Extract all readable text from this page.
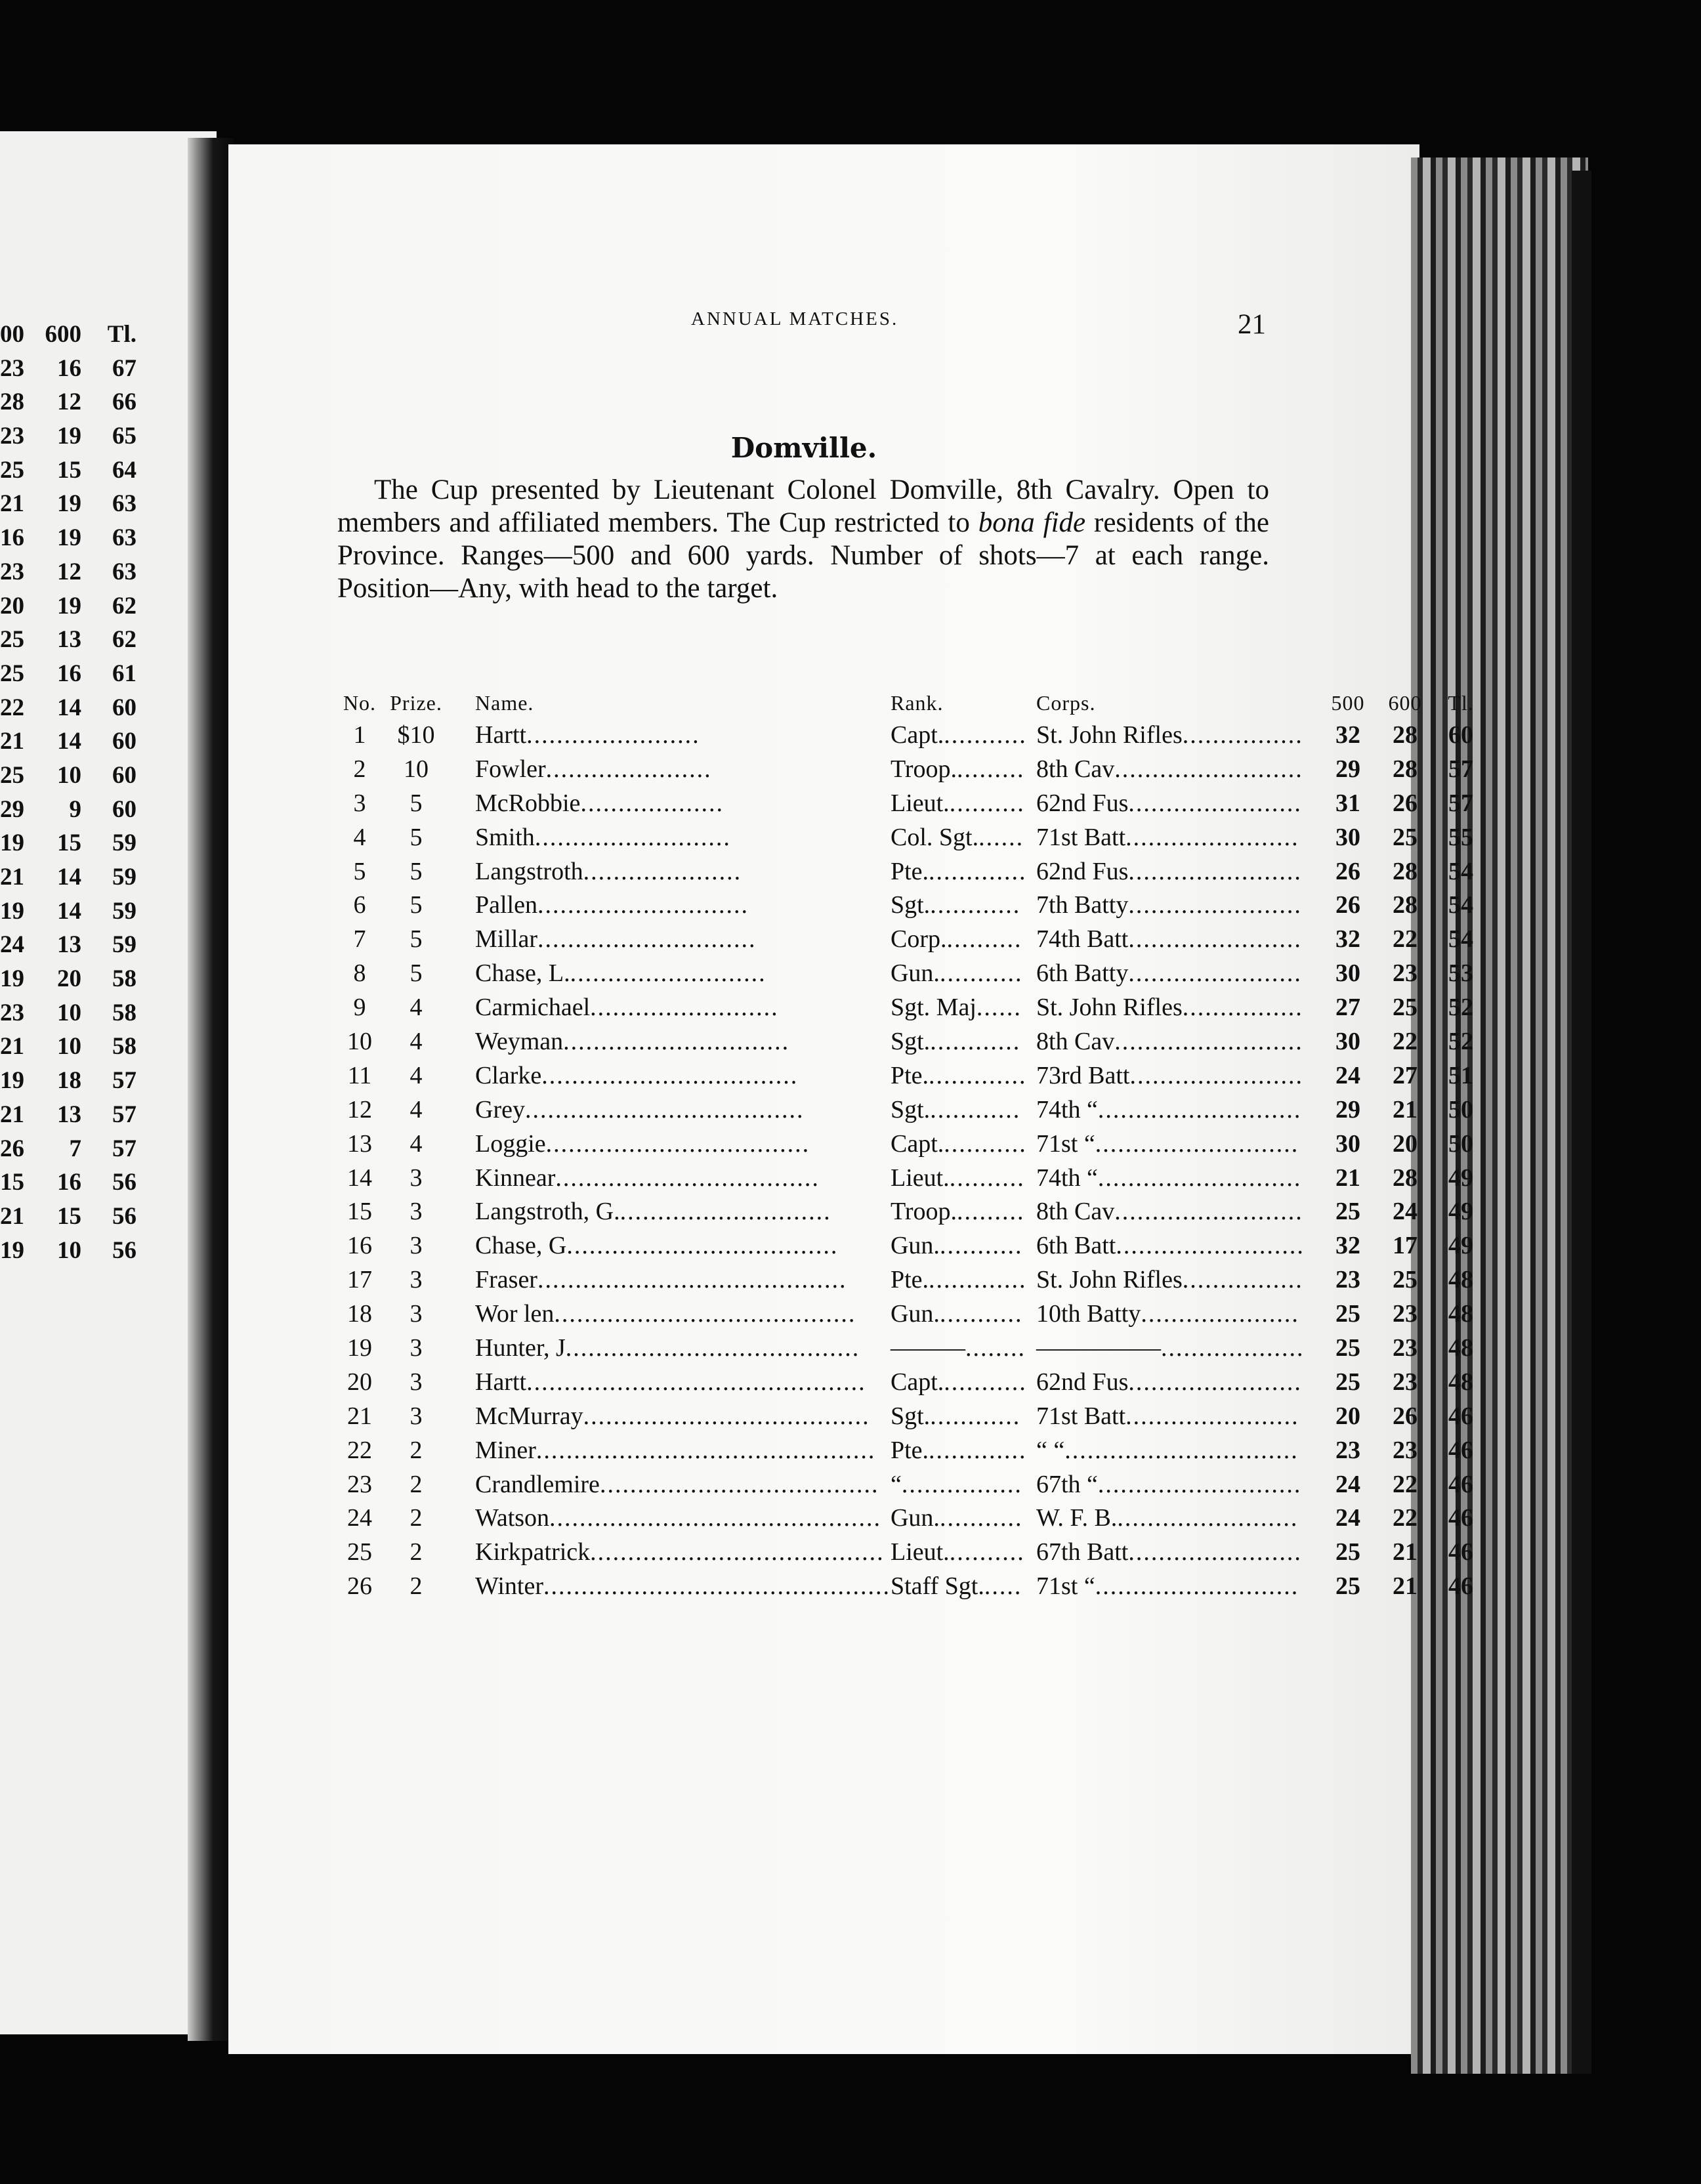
00 600 Tl.
23 16 67
28 12 66
23 19 65
25 15 64
21 19 63
16 19 63
23 12 63
20 19 62
25 13 62
25 16 61
22 14 60
21 14 60
25 10 60
29 9 60
19 15 59
21 14 59
19 14 59
24 13 59
19 20 58
23 10 58
21 10 58
19 18 57
21 13 57
26 7 57
15 16 56
21 15 56
19 10 56
ANNUAL MATCHES.	21
Domville.
The Cup presented by Lieutenant Colonel Domville, 8th Cavalry. Open to members and affiliated members. The Cup restricted to bona fide residents of the Province. Ranges—500 and 600 yards. Number of shots—7 at each range. Position—Any, with head to the target.
No.	Prize.	Name.	Rank.	Corps.	500	600	Tl.
1	$10	Hartt.......................	Capt............	St. John Rifles................	32	28	60
2	10	Fowler......................	Troop..........	8th Cav.........................	29	28	57
3	5	McRobbie...................	Lieut...........	62nd Fus.......................	31	26	57
4	5	Smith..........................	Col. Sgt.......	71st Batt.......................	30	25	55
5	5	Langstroth.....................	Pte..............	62nd Fus.......................	26	28	54
6	5	Pallen............................	Sgt.............	7th Batty.......................	26	28	54
7	5	Millar.............................	Corp...........	74th Batt.......................	32	22	54
8	5	Chase, L...........................	Gun............	6th Batty.......................	30	23	53
9	4	Carmichael.........................	Sgt. Maj......	St. John Rifles................	27	25	52
10	4	Weyman..............................	Sgt.............	8th Cav.........................	30	22	52
11	4	Clarke..................................	Pte..............	73rd Batt.......................	24	27	51
12	4	Grey.....................................	Sgt.............	74th “...........................	29	21	50
13	4	Loggie...................................	Capt............	71st “...........................	30	20	50
14	3	Kinnear...................................	Lieut...........	74th “...........................	21	28	49
15	3	Langstroth, G.............................	Troop..........	8th Cav.........................	25	24	49
16	3	Chase, G....................................	Gun............	6th Batt.........................	32	17	49
17	3	Fraser.........................................	Pte..............	St. John Rifles................	23	25	48
18	3	Wor len........................................	Gun............	10th Batty.....................	25	23	48
19	3	Hunter, J.......................................	———........	—————...................	25	23	48
20	3	Hartt.............................................	Capt............	62nd Fus.......................	25	23	48
21	3	McMurray......................................	Sgt.............	71st Batt.......................	20	26	46
22	2	Miner.............................................	Pte..............	“ “...............................	23	23	46
23	2	Crandlemire.....................................	“................	67th “...........................	24	22	46
24	2	Watson............................................	Gun............	W. F. B.........................	24	22	46
25	2	Kirkpatrick.......................................	Lieut...........	67th Batt.......................	25	21	46
26	2	Winter..............................................	Staff Sgt......	71st “...........................	25	21	46
